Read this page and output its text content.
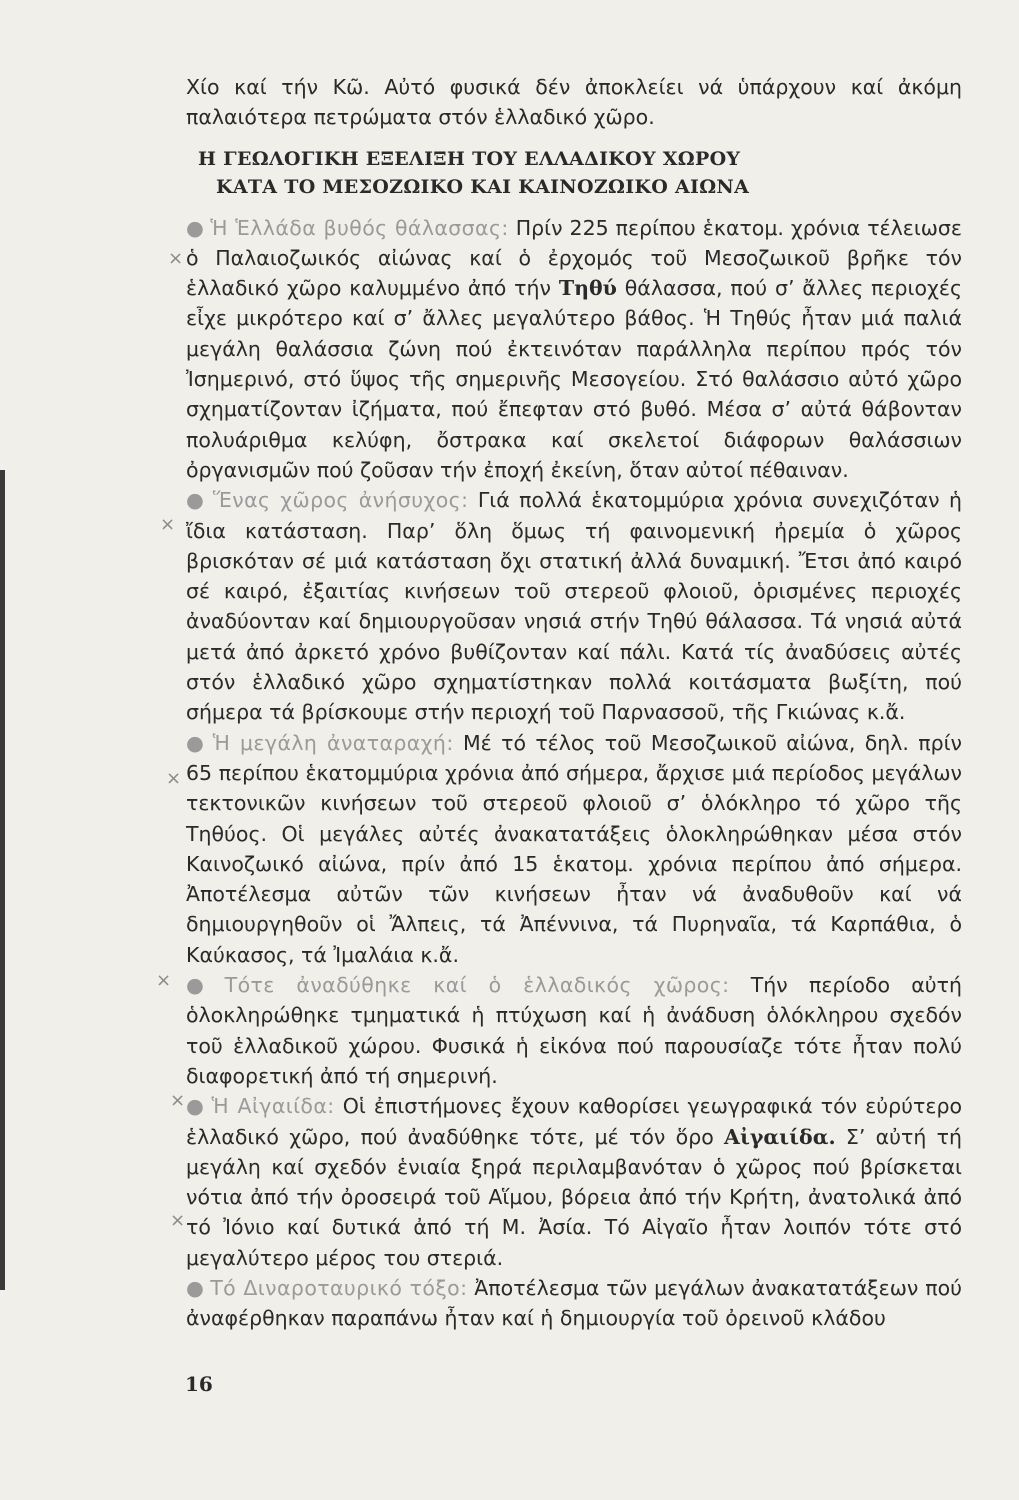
Χίο καί τήν Κῶ. Αὐτό φυσικά δέν ἀποκλείει νά ὑπάρχουν καί ἀκόμη παλαιότερα πετρώματα στόν ἑλλαδικό χῶρο.

Η ΓΕΩΛΟΓΙΚΗ ΕΞΕΛΙΞΗ ΤΟΥ ΕΛΛΑΔΙΚΟΥ ΧΩΡΟΥ
ΚΑΤΑ ΤΟ ΜΕΣΟΖΩΙΚΟ ΚΑΙ ΚΑΙΝΟΖΩΙΚΟ ΑΙΩΝΑ

● Ἡ Ἑλλάδα βυθός θάλασσας: Πρίν 225 περίπου ἑκατομ. χρόνια τέλειωσε ὁ Παλαιοζωικός αἰώνας καί ὁ ἐρχομός τοῦ Μεσοζωικοῦ βρῆκε τόν ἑλλαδικό χῶρο καλυμμένο ἀπό τήν Τηθύ θάλασσα, πού σ’ ἄλλες περιοχές εἶχε μικρότερο καί σ’ ἄλλες μεγαλύτερο βάθος. Ἡ Τηθύς ἦταν μιά παλιά μεγάλη θαλάσσια ζώνη πού ἐκτεινόταν παράλληλα περίπου πρός τόν Ἰσημερινό, στό ὕψος τῆς σημερινῆς Μεσογείου. Στό θαλάσσιο αὐτό χῶρο σχηματίζονταν ἰζήματα, πού ἔπεφταν στό βυθό. Μέσα σ’ αὐτά θάβονταν πολυάριθμα κελύφη, ὄστρακα καί σκελετοί διάφορων θαλάσσιων ὀργανισμῶν πού ζοῦσαν τήν ἐποχή ἐκείνη, ὅταν αὐτοί πέθαιναν.

● Ἕνας χῶρος ἀνήσυχος: Γιά πολλά ἑκατομμύρια χρόνια συνεχιζόταν ἡ ἴδια κατάσταση. Παρ’ ὅλη ὅμως τή φαινομενική ἠρεμία ὁ χῶρος βρισκόταν σέ μιά κατάσταση ὄχι στατική ἀλλά δυναμική. Ἔτσι ἀπό καιρό σέ καιρό, ἐξαιτίας κινήσεων τοῦ στερεοῦ φλοιοῦ, ὁρισμένες περιοχές ἀναδύονταν καί δημιουργοῦσαν νησιά στήν Τηθύ θάλασσα. Τά νησιά αὐτά μετά ἀπό ἀρκετό χρόνο βυθίζονταν καί πάλι. Κατά τίς ἀναδύσεις αὐτές στόν ἑλλαδικό χῶρο σχηματίστηκαν πολλά κοιτάσματα βωξίτη, πού σήμερα τά βρίσκουμε στήν περιοχή τοῦ Παρνασσοῦ, τῆς Γκιώνας κ.ἄ.

● Ἡ μεγάλη ἀναταραχή: Μέ τό τέλος τοῦ Μεσοζωικοῦ αἰώνα, δηλ. πρίν 65 περίπου ἑκατομμύρια χρόνια ἀπό σήμερα, ἄρχισε μιά περίοδος μεγάλων τεκτονικῶν κινήσεων τοῦ στερεοῦ φλοιοῦ σ’ ὁλόκληρο τό χῶρο τῆς Τηθύος. Οἱ μεγάλες αὐτές ἀνακατατάξεις ὁλοκληρώθηκαν μέσα στόν Καινοζωικό αἰώνα, πρίν ἀπό 15 ἑκατομ. χρόνια περίπου ἀπό σήμερα. Ἀποτέλεσμα αὐτῶν τῶν κινήσεων ἦταν νά ἀναδυθοῦν καί νά δημιουργηθοῦν οἱ Ἄλπεις, τά Ἀπέννινα, τά Πυρηναῖα, τά Καρπάθια, ὁ Καύκασος, τά Ἰμαλάια κ.ἄ.

● Τότε ἀναδύθηκε καί ὁ ἑλλαδικός χῶρος: Τήν περίοδο αὐτή ὁλοκληρώθηκε τμηματικά ἡ πτύχωση καί ἡ ἀνάδυση ὁλόκληρου σχεδόν τοῦ ἑλλαδικοῦ χώρου. Φυσικά ἡ εἰκόνα πού παρουσίαζε τότε ἦταν πολύ διαφορετική ἀπό τή σημερινή.

● Ἡ Αἰγαιίδα: Οἱ ἐπιστήμονες ἔχουν καθορίσει γεωγραφικά τόν εὐρύτερο ἑλλαδικό χῶρο, πού ἀναδύθηκε τότε, μέ τόν ὅρο Αἰγαιίδα. Σ’ αὐτή τή μεγάλη καί σχεδόν ἑνιαία ξηρά περιλαμβανόταν ὁ χῶρος πού βρίσκεται νότια ἀπό τήν ὀροσειρά τοῦ Αἵμου, βόρεια ἀπό τήν Κρήτη, ἀνατολικά ἀπό τό Ἰόνιο καί δυτικά ἀπό τή Μ. Ἀσία. Τό Αἰγαῖο ἦταν λοιπόν τότε στό μεγαλύτερο μέρος του στεριά.

● Τό Διναροταυρικό τόξο: Ἀποτέλεσμα τῶν μεγάλων ἀνακατατάξεων πού ἀναφέρθηκαν παραπάνω ἦταν καί ἡ δημιουργία τοῦ ὀρεινοῦ κλάδου

×
×
×
×
×
×
16
